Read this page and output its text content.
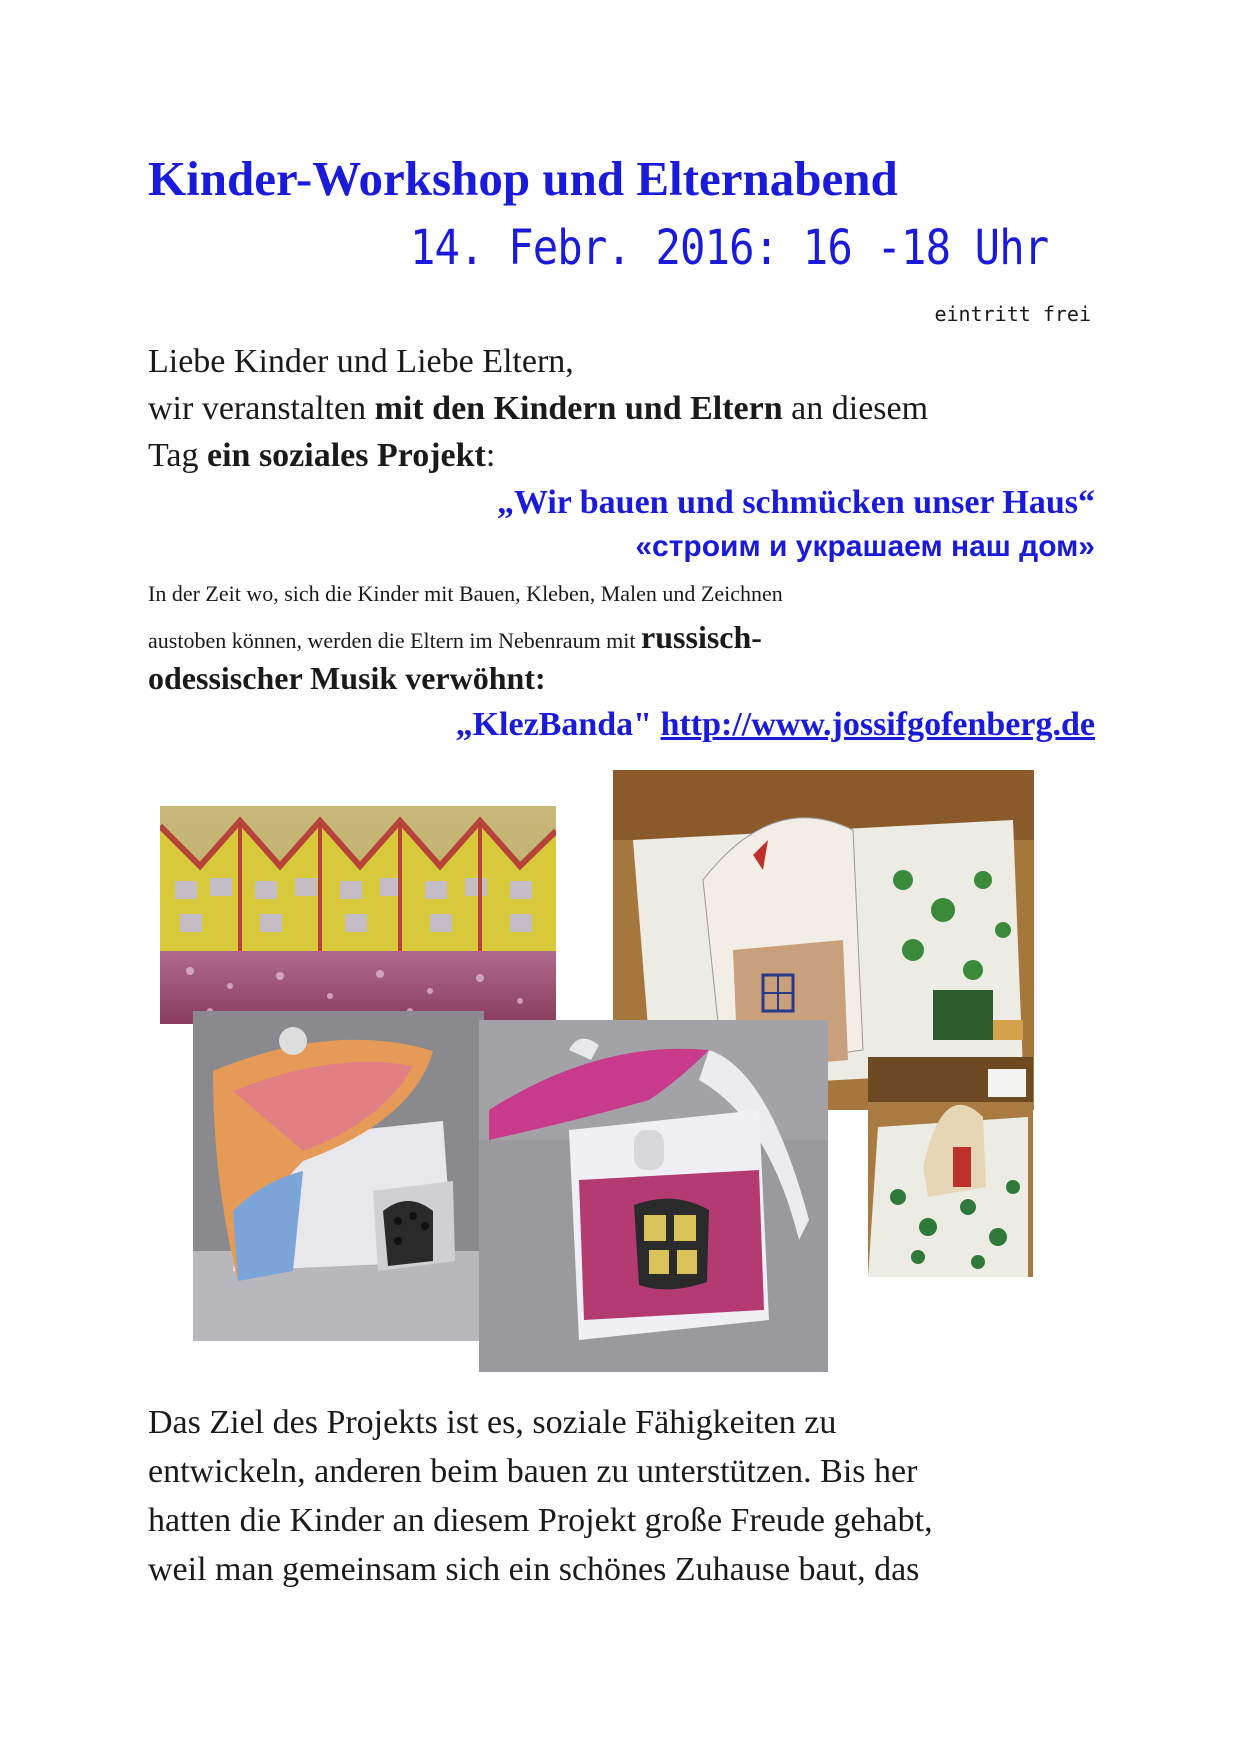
Kinder-Workshop und Elternabend
14. Febr. 2016: 16 -18 Uhr
eintritt frei
Liebe Kinder und Liebe Eltern,
wir veranstalten mit den Kindern und Eltern an diesem
Tag ein soziales Projekt:
„Wir bauen und schmücken unser Haus“
«строим и украшаем наш дом»
In der Zeit wo, sich die Kinder mit Bauen, Kleben, Malen und Zeichnen
austoben können, werden die Eltern im Nebenraum mit russisch-
odessischer Musik verwöhnt:
„KlezBanda" http://www.jossifgofenberg.de
Das Ziel des Projekts ist es, soziale Fähigkeiten zu
entwickeln, anderen beim bauen zu unterstützen. Bis her
hatten die Kinder an diesem Projekt große Freude gehabt,
weil man gemeinsam sich ein schönes Zuhause baut, das
